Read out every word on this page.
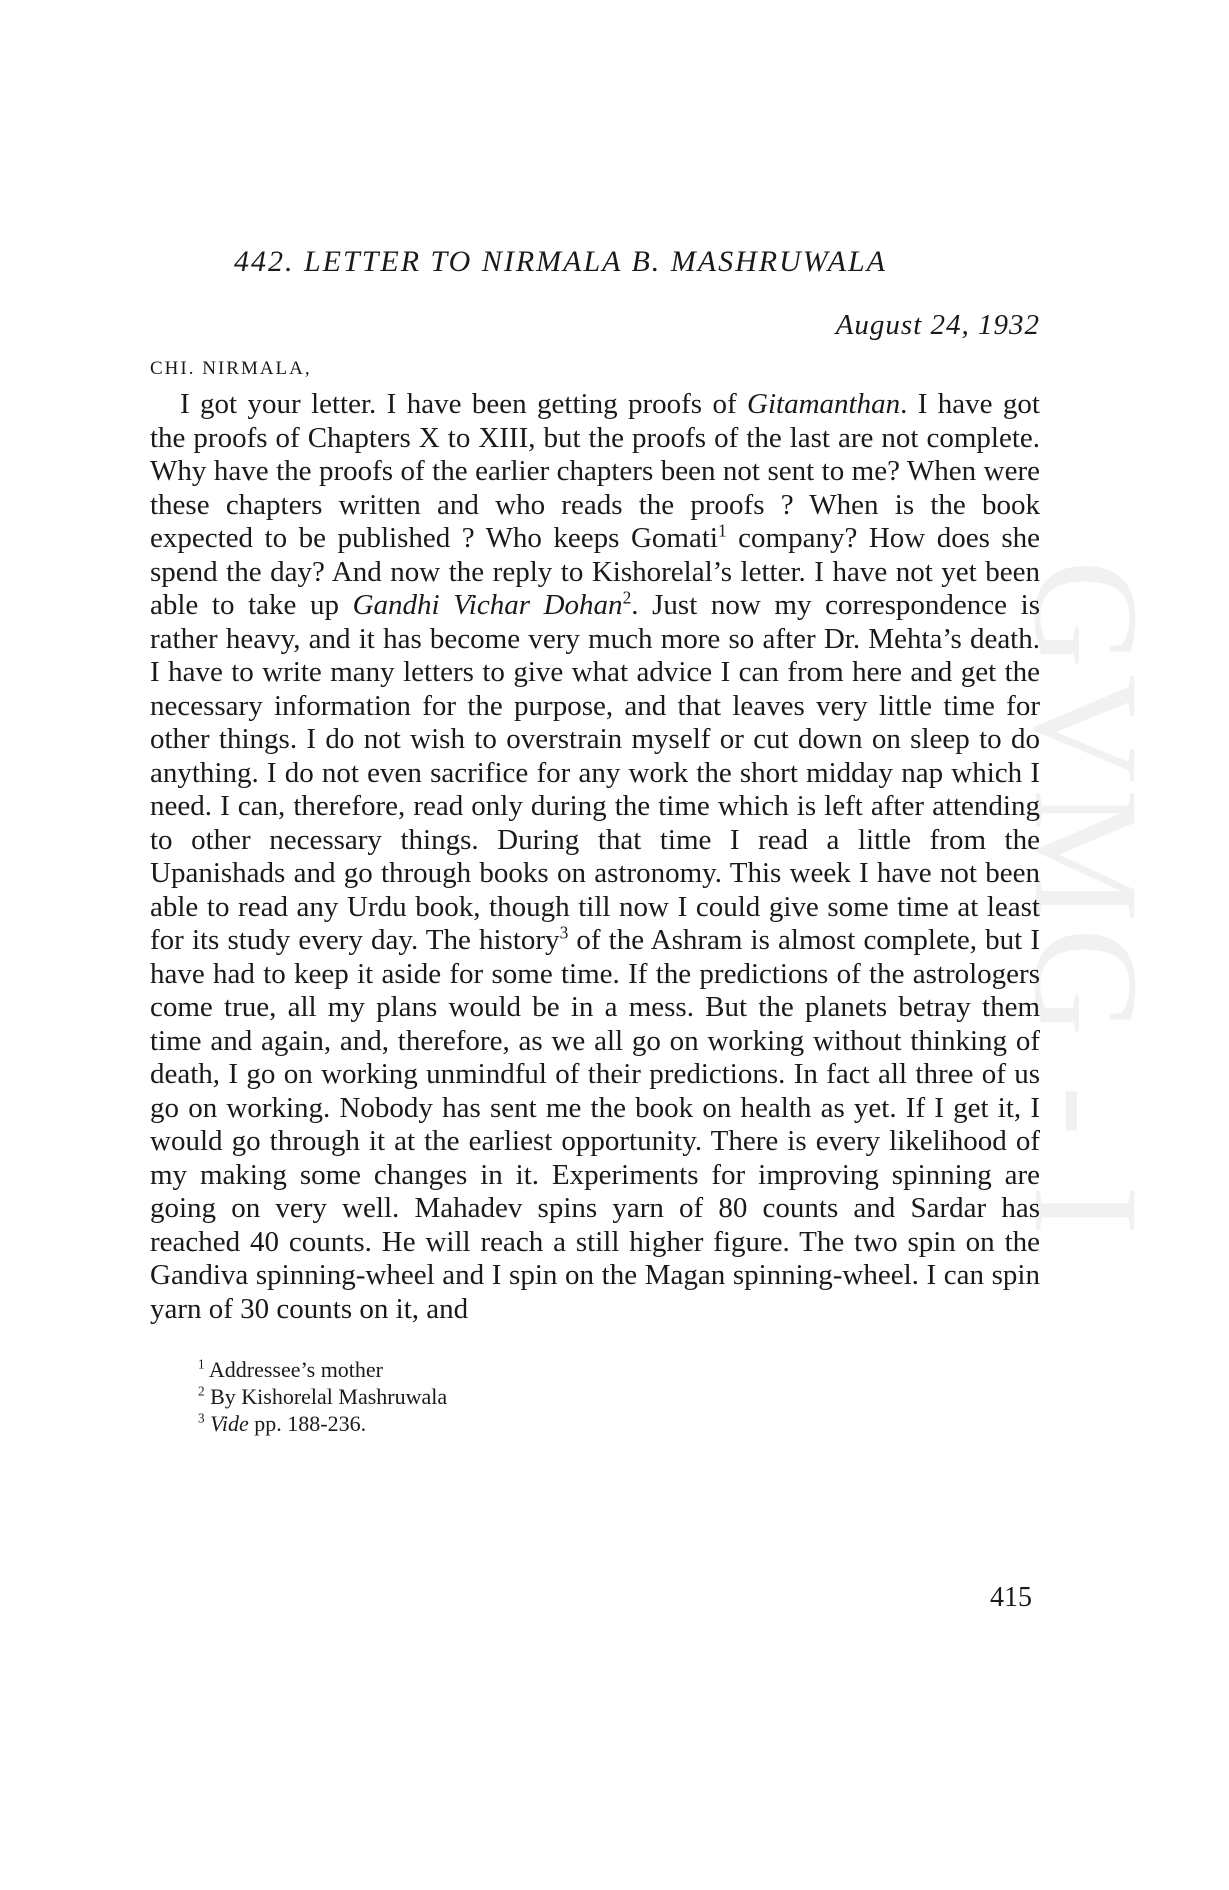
GVMG - I
442. LETTER TO NIRMALA B. MASHRUWALA
August 24, 1932
CHI. NIRMALA,

I got your letter. I have been getting proofs of Gitamanthan. I have got the proofs of Chapters X to XIII, but the proofs of the last are not complete. Why have the proofs of the earlier chapters been not sent to me? When were these chapters written and who reads the proofs ? When is the book expected to be published ? Who keeps Gomati$^1$ company? How does she spend the day? And now the reply to Kishorelal’s letter. I have not yet been able to take up Gandhi Vichar Dohan$^2$. Just now my correspondence is rather heavy, and it has become very much more so after Dr. Mehta’s death. I have to write many letters to give what advice I can from here and get the necessary information for the purpose, and that leaves very little time for other things. I do not wish to overstrain myself or cut down on sleep to do anything. I do not even sacrifice for any work the short midday nap which I need. I can, therefore, read only during the time which is left after attending to other necessary things. During that time I read a little from the Upanishads and go through books on astronomy. This week I have not been able to read any Urdu book, though till now I could give some time at least for its study every day. The history$^3$ of the Ashram is almost complete, but I have had to keep it aside for some time. If the predictions of the astrologers come true, all my plans would be in a mess. But the planets betray them time and again, and, therefore, as we all go on working without thinking of death, I go on working unmindful of their predictions. In fact all three of us go on working. Nobody has sent me the book on health as yet. If I get it, I would go through it at the earliest opportunity. There is every likelihood of my making some changes in it. Experiments for improving spinning are going on very well. Mahadev spins yarn of 80 counts and Sardar has reached 40 counts. He will reach a still higher figure. The two spin on the Gandiva spinning-wheel and I spin on the Magan spinning-wheel. I can spin yarn of 30 counts on it, and

$^1$ Addressee’s mother
$^2$ By Kishorelal Mashruwala
$^3$ Vide pp. 188-236.
415
